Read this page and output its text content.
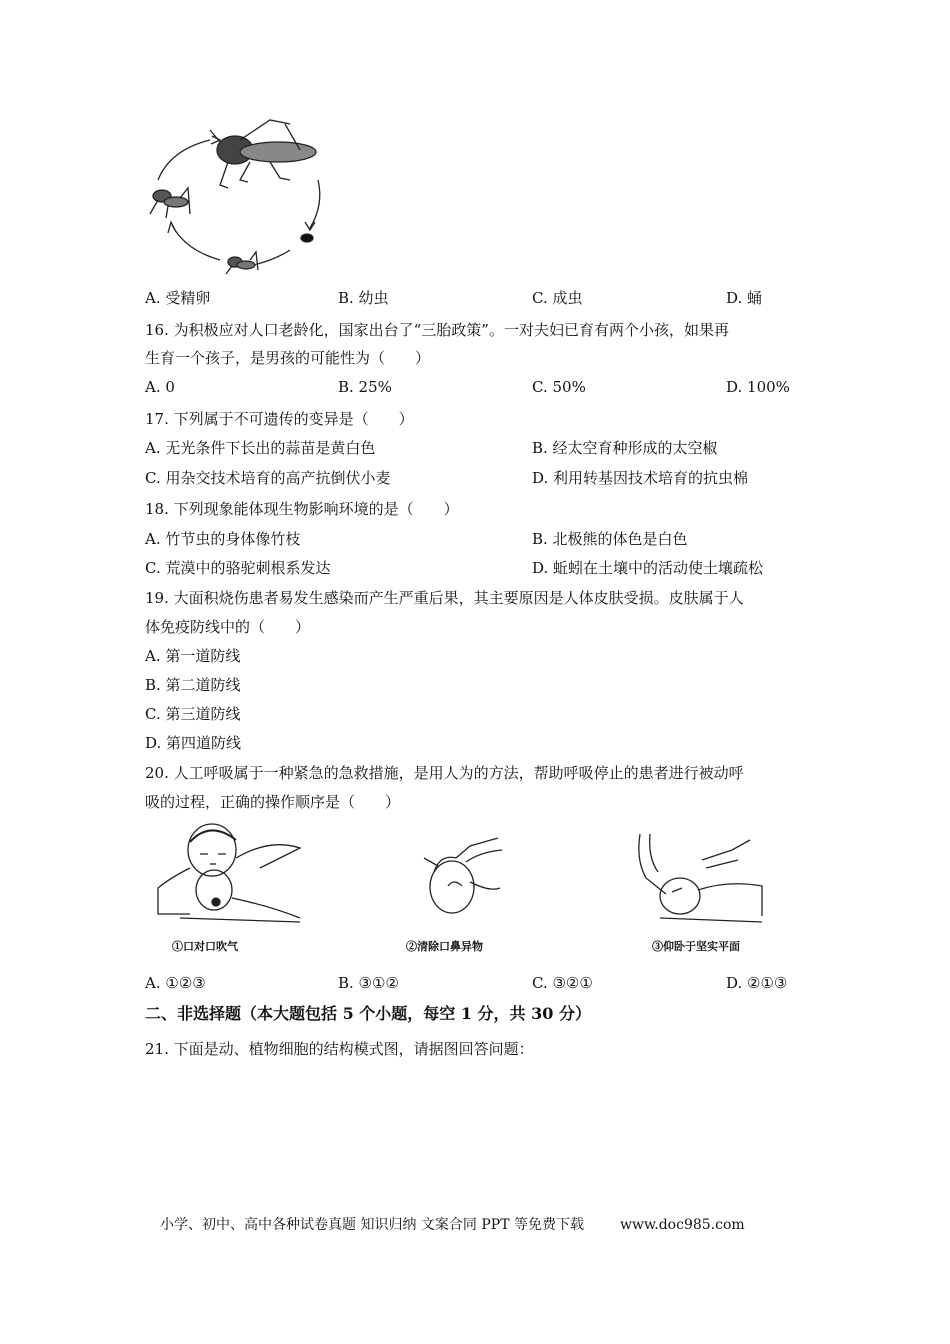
A. 受精卵	B. 幼虫	C. 成虫	D. 蛹
16. 为积极应对人口老龄化，国家出台了“三胎政策”。一对夫妇已育有两个小孩，如果再
生育一个孩子，是男孩的可能性为（　　）
A. 0	B. 25%	C. 50%	D. 100%
17. 下列属于不可遗传的变异是（　　）
A. 无光条件下长出的蒜苗是黄白色	B. 经太空育种形成的太空椒
C. 用杂交技术培育的高产抗倒伏小麦	D. 利用转基因技术培育的抗虫棉
18. 下列现象能体现生物影响环境的是（　　）
A. 竹节虫的身体像竹枝	B. 北极熊的体色是白色
C. 荒漠中的骆驼刺根系发达	D. 蚯蚓在土壤中的活动使土壤疏松
19. 大面积烧伤患者易发生感染而产生严重后果，其主要原因是人体皮肤受损。皮肤属于人
体免疫防线中的（　　）
A. 第一道防线
B. 第二道防线
C. 第三道防线
D. 第四道防线
20. 人工呼吸属于一种紧急的急救措施，是用人为的方法，帮助呼吸停止的患者进行被动呼
吸的过程，正确的操作顺序是（　　）
①口对口吹气	②清除口鼻异物	③仰卧于坚实平面
A. ①②③	B. ③①②	C. ③②①	D. ②①③
二、非选择题（本大题包括 5 个小题，每空 1 分，共 30 分）
21. 下面是动、植物细胞的结构模式图，请据图回答问题：
小学、初中、高中各种试卷真题 知识归纳 文案合同 PPT 等免费下载	www.doc985.com
